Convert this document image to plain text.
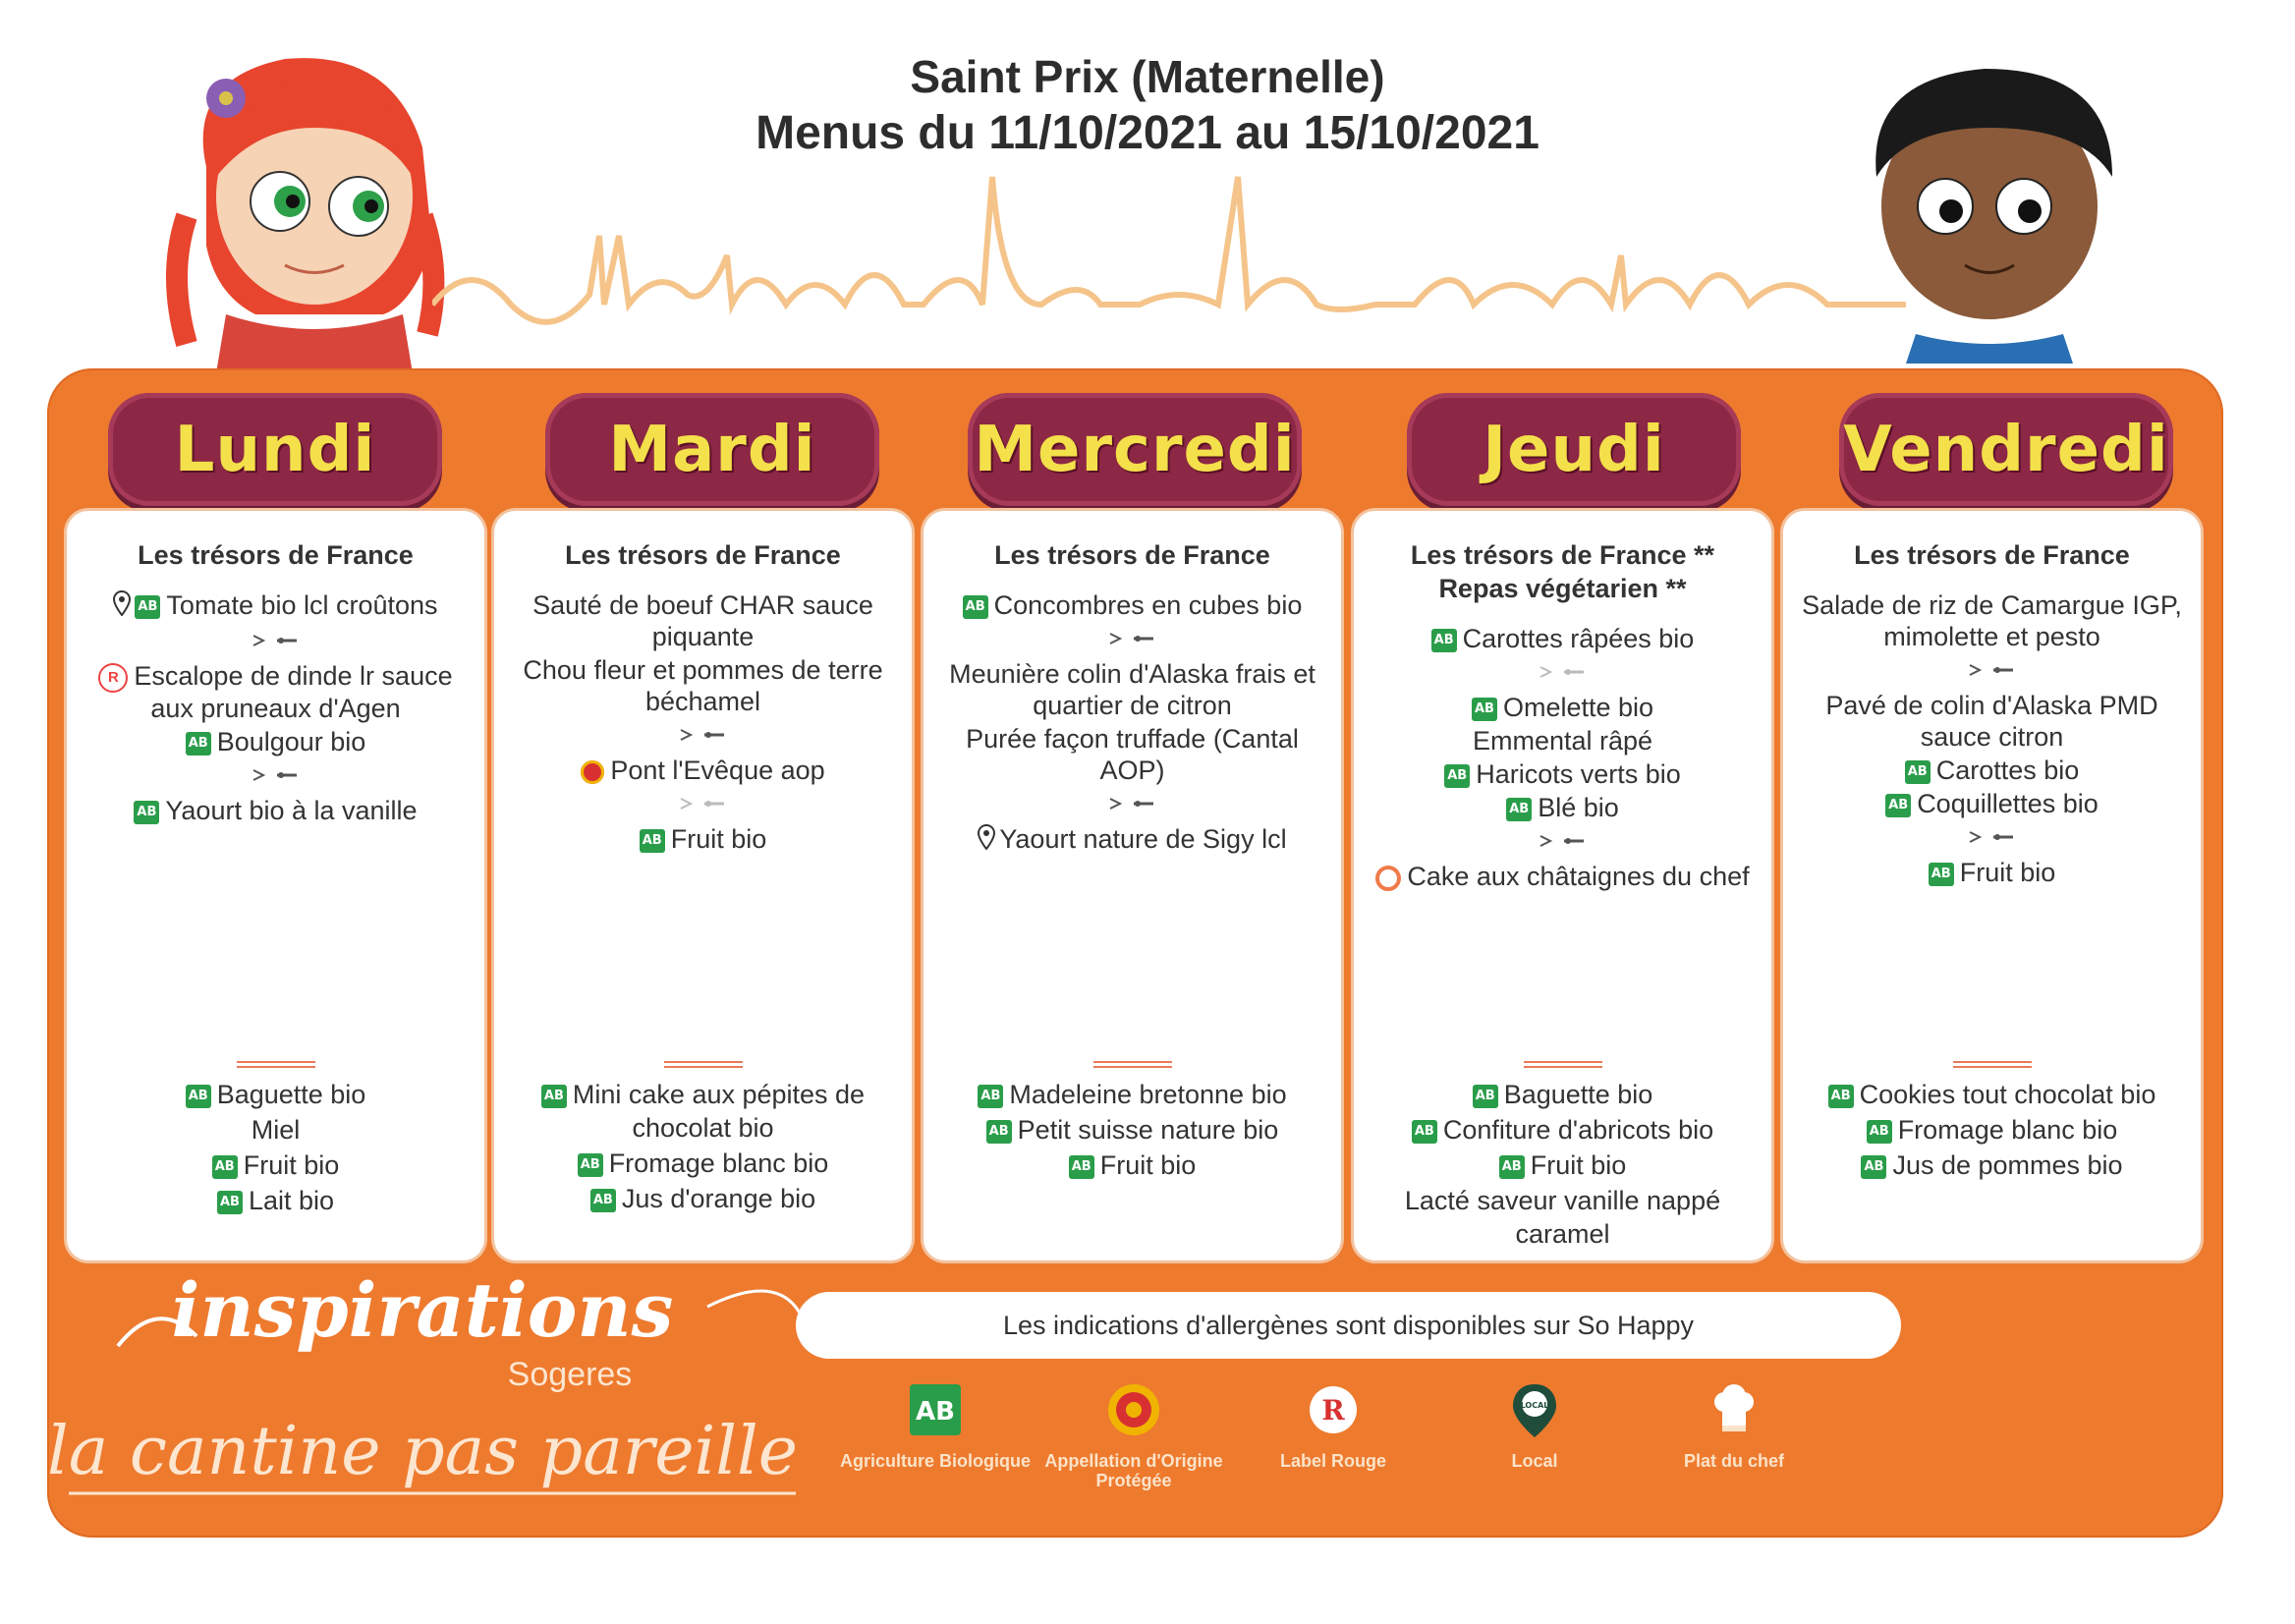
Saint Prix (Maternelle)
Menus du 11/10/2021 au 15/10/2021
Menu de la semaine
Lundi	Mardi	Mercredi	Jeudi	Vendredi
Les trésors de France
AB Tomate bio lcl croûtons
R Escalope de dinde lr sauce aux pruneaux d'Agen
AB Boulgour bio
AB Yaourt bio à la vanille
AB Baguette bio
Miel
AB Fruit bio
AB Lait bio
Les trésors de France
Sauté de boeuf CHAR sauce piquante
Chou fleur et pommes de terre béchamel
Pont l'Evêque aop
AB Fruit bio
AB Mini cake aux pépites de chocolat bio
AB Fromage blanc bio
AB Jus d'orange bio
Les trésors de France
AB Concombres en cubes bio
Meunière colin d'Alaska frais et quartier de citron
Purée façon truffade (Cantal AOP)
Yaourt nature de Sigy lcl
AB Madeleine bretonne bio
AB Petit suisse nature bio
AB Fruit bio
Les trésors de France ** Repas végétarien **
AB Carottes râpées bio
AB Omelette bio
Emmental râpé
AB Haricots verts bio
AB Blé bio
Cake aux châtaignes du chef
AB Baguette bio
AB Confiture d'abricots bio
AB Fruit bio
Lacté saveur vanille nappé caramel
Les trésors de France
Salade de riz de Camargue IGP, mimolette et pesto
Pavé de colin d'Alaska PMD sauce citron
AB Carottes bio
AB Coquillettes bio
AB Fruit bio
AB Cookies tout chocolat bio
AB Fromage blanc bio
AB Jus de pommes bio
inspirations
Sogeres
la cantine pas pareille
Les indications d'allergènes sont disponibles sur So Happy
AB
Agriculture Biologique Appellation d'Origine Protégée
R
Label Rouge
LOCAL
Local	Plat du chef
